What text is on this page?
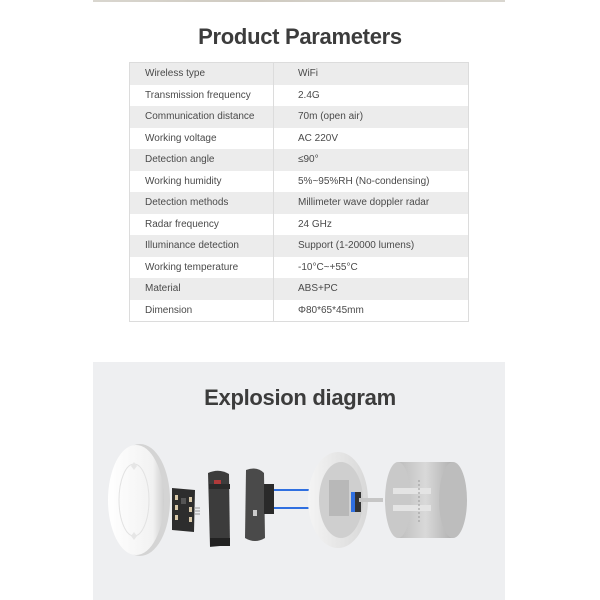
Product Parameters
Wireless type	WiFi
Transmission frequency	2.4G
Communication distance	70m (open air)
Working voltage	AC 220V
Detection angle	≤90°
Working humidity	5%~95%RH (No-condensing)
Detection methods	Millimeter wave doppler radar
Radar frequency	24 GHz
Illuminance detection	Support (1-20000 lumens)
Working temperature	-10°C~+55°C
Material	ABS+PC
Dimension	Φ80*65*45mm
Explosion diagram
